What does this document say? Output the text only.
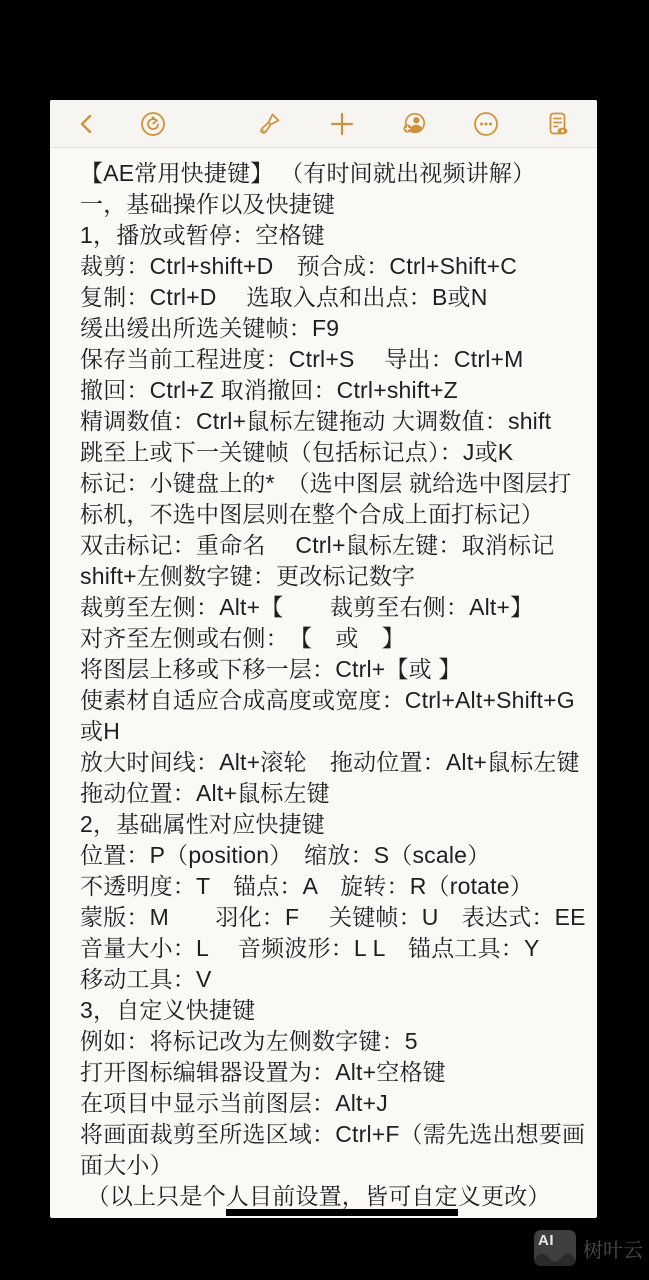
【AE常用快捷键】 （有时间就出视频讲解）
一，基础操作以及快捷键
1，播放或暂停：空格键
裁剪：Ctrl+shift+D　预合成：Ctrl+Shift+C
复制：Ctrl+D　 选取入点和出点：B或N
缓出缓出所选关键帧：F9
保存当前工程进度：Ctrl+S　 导出：Ctrl+M
撤回：Ctrl+Z 取消撤回：Ctrl+shift+Z
精调数值：Ctrl+鼠标左键拖动 大调数值：shift
跳至上或下一关键帧（包括标记点）：J或K
标记：小键盘上的*　（选中图层 就给选中图层打
标机，不选中图层则在整个合成上面打标记）
双击标记：重命名　 Ctrl+鼠标左键：取消标记
shift+左侧数字键：更改标记数字
裁剪至左侧：Alt+【　　裁剪至右侧：Alt+】
对齐至左侧或右侧：　【　或　】
将图层上移或下移一层：Ctrl+【或 】
使素材自适应合成高度或宽度：Ctrl+Alt+Shift+G
或H
放大时间线：Alt+滚轮　拖动位置：Alt+鼠标左键
拖动位置：Alt+鼠标左键
2，基础属性对应快捷键
位置：P（position）　缩放：S（scale）
不透明度：T　锚点：A　旋转：R（rotate）
蒙版：M　　羽化：F　 关键帧：U　表达式：EE
音量大小：L　 音频波形：L L　锚点工具：Y
移动工具：V
3，自定义快捷键
例如：将标记改为左侧数字键：5
打开图标编辑器设置为：Alt+空格键
在项目中显示当前图层：Alt+J
将画面裁剪至所选区域：Ctrl+F（需先选出想要画
面大小）
（以上只是个人目前设置，皆可自定义更改）
AI 树叶云
